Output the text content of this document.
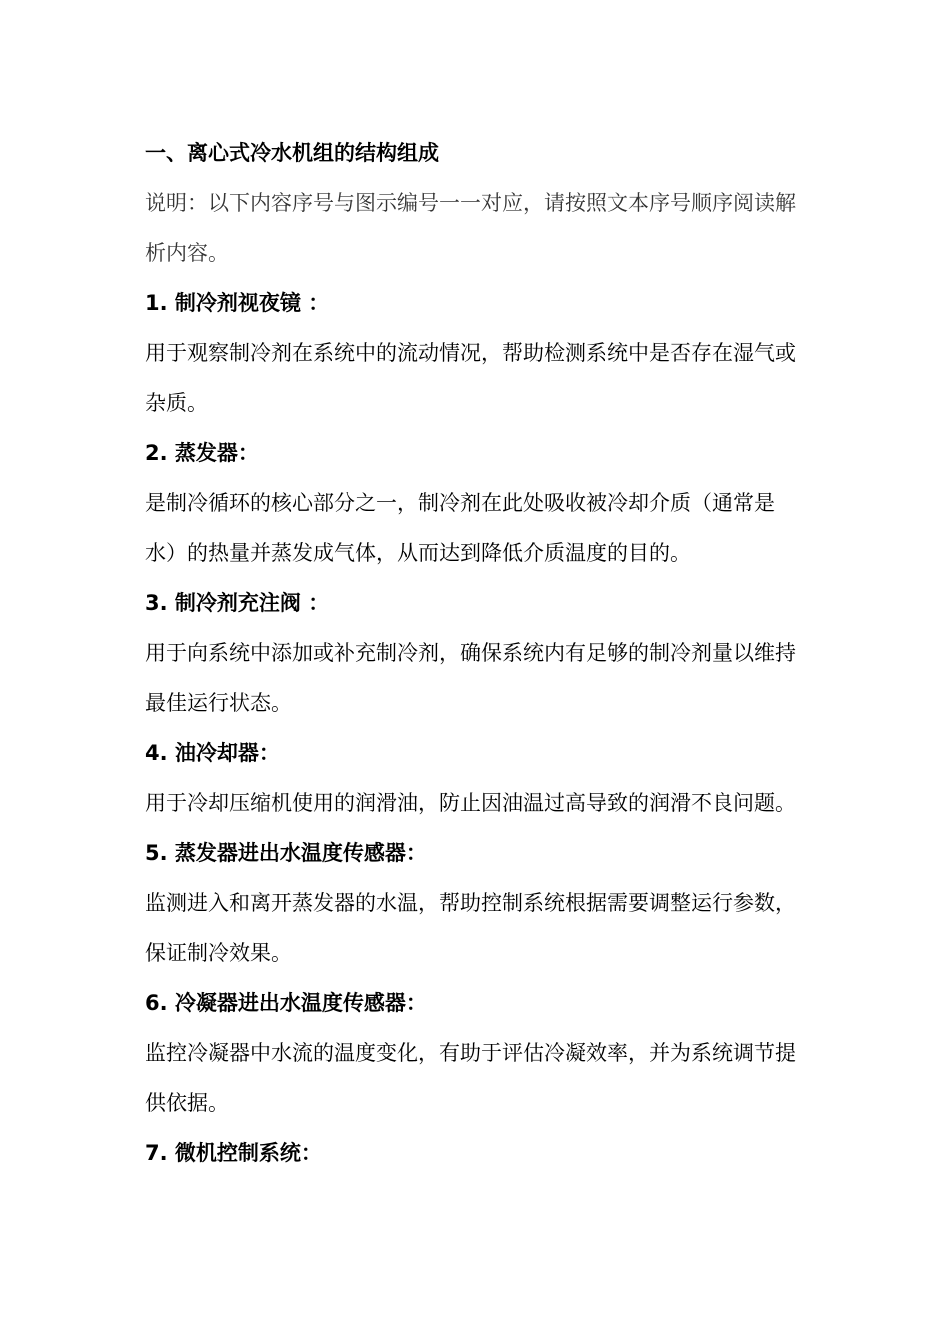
一、离心式冷水机组的结构组成

说明：以下内容序号与图示编号一一对应，请按照文本序号顺序阅读解析内容。

1. 制冷剂视夜镜 ：

用于观察制冷剂在系统中的流动情况，帮助检测系统中是否存在湿气或杂质。

2. 蒸发器：

是制冷循环的核心部分之一，制冷剂在此处吸收被冷却介质（通常是水）的热量并蒸发成气体，从而达到降低介质温度的目的。

3. 制冷剂充注阀 ：

用于向系统中添加或补充制冷剂，确保系统内有足够的制冷剂量以维持最佳运行状态。

4. 油冷却器：

用于冷却压缩机使用的润滑油，防止因油温过高导致的润滑不良问题。

5. 蒸发器进出水温度传感器：

监测进入和离开蒸发器的水温，帮助控制系统根据需要调整运行参数，保证制冷效果。

6. 冷凝器进出水温度传感器：

监控冷凝器中水流的温度变化，有助于评估冷凝效率，并为系统调节提供依据。

7. 微机控制系统：
